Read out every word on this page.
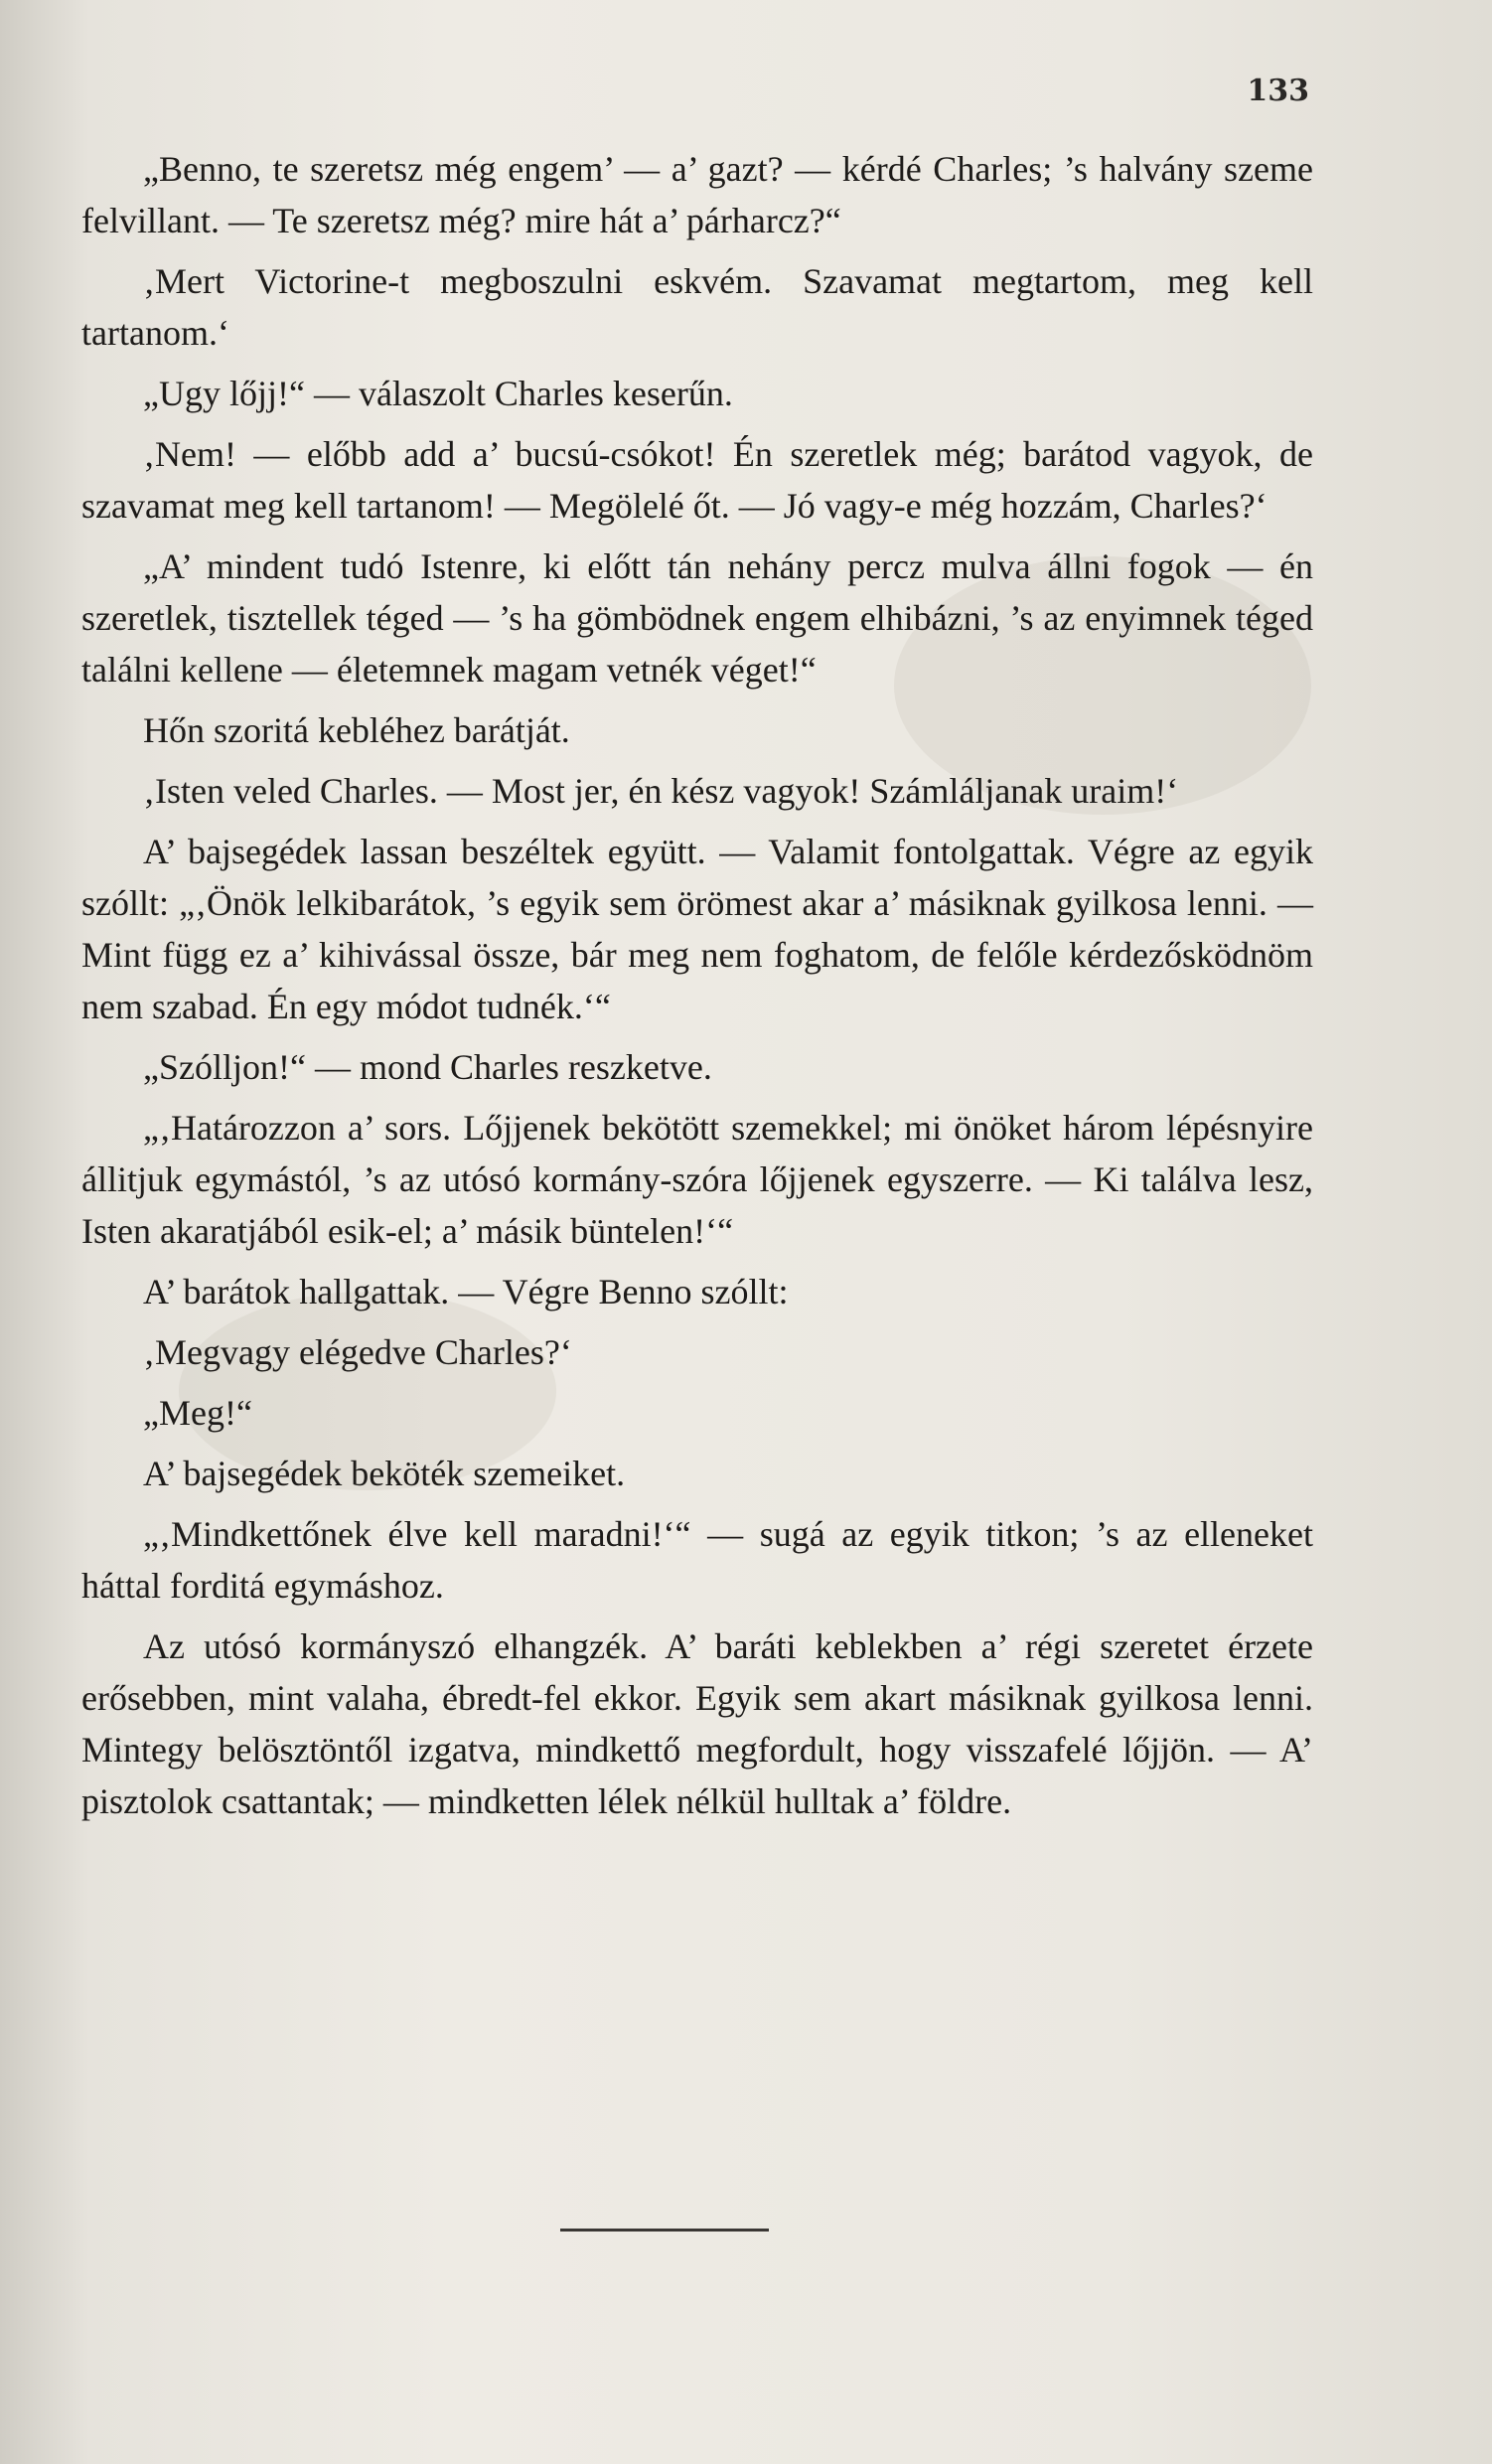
133

„Benno, te szeretsz még engem’ — a’ gazt? — kérdé Charles; ’s halvány szeme felvillant. — Te szeretsz még? mire hát a’ párharcz?“

‚Mert Victorine-t megboszulni eskvém. Szavamat megtartom, meg kell tartanom.‘

„Ugy lőjj!“ — válaszolt Charles keserűn.

‚Nem! — előbb add a’ bucsú-csókot! Én szeretlek még; barátod vagyok, de szavamat meg kell tartanom! — Megölelé őt. — Jó vagy-e még hozzám, Charles?‘

„A’ mindent tudó Istenre, ki előtt tán nehány percz mulva állni fogok — én szeretlek, tisztellek téged — ’s ha gömbödnek engem elhibázni, ’s az enyimnek téged találni kellene — életemnek magam vetnék véget!“

Hőn szoritá kebléhez barátját.

‚Isten veled Charles. — Most jer, én kész vagyok! Számláljanak uraim!‘

A’ bajsegédek lassan beszéltek együtt. — Valamit fontolgattak. Végre az egyik szóllt: „‚Önök lelkibarátok, ’s egyik sem örömest akar a’ másiknak gyilkosa lenni. — Mint függ ez a’ kihivással össze, bár meg nem foghatom, de felőle kérdezősködnöm nem szabad. Én egy módot tudnék.‘“

„Szólljon!“ — mond Charles reszketve.

„‚Határozzon a’ sors. Lőjjenek bekötött szemekkel; mi önöket három lépésnyire állitjuk egymástól, ’s az utósó kormány-szóra lőjjenek egyszerre. — Ki találva lesz, Isten akaratjából esik-el; a’ másik büntelen!‘“

A’ barátok hallgattak. — Végre Benno szóllt:

‚Megvagy elégedve Charles?‘

„Meg!“

A’ bajsegédek beköték szemeiket.

„‚Mindkettőnek élve kell maradni!‘“ — sugá az egyik titkon; ’s az elleneket háttal forditá egymáshoz.

Az utósó kormányszó elhangzék. A’ baráti keblekben a’ régi szeretet érzete erősebben, mint valaha, ébredt-fel ekkor. Egyik sem akart másiknak gyilkosa lenni. Mintegy belösztöntől izgatva, mindkettő megfordult, hogy visszafelé lőjjön. — A’ pisztolok csattantak; — mindketten lélek nélkül hulltak a’ földre.
